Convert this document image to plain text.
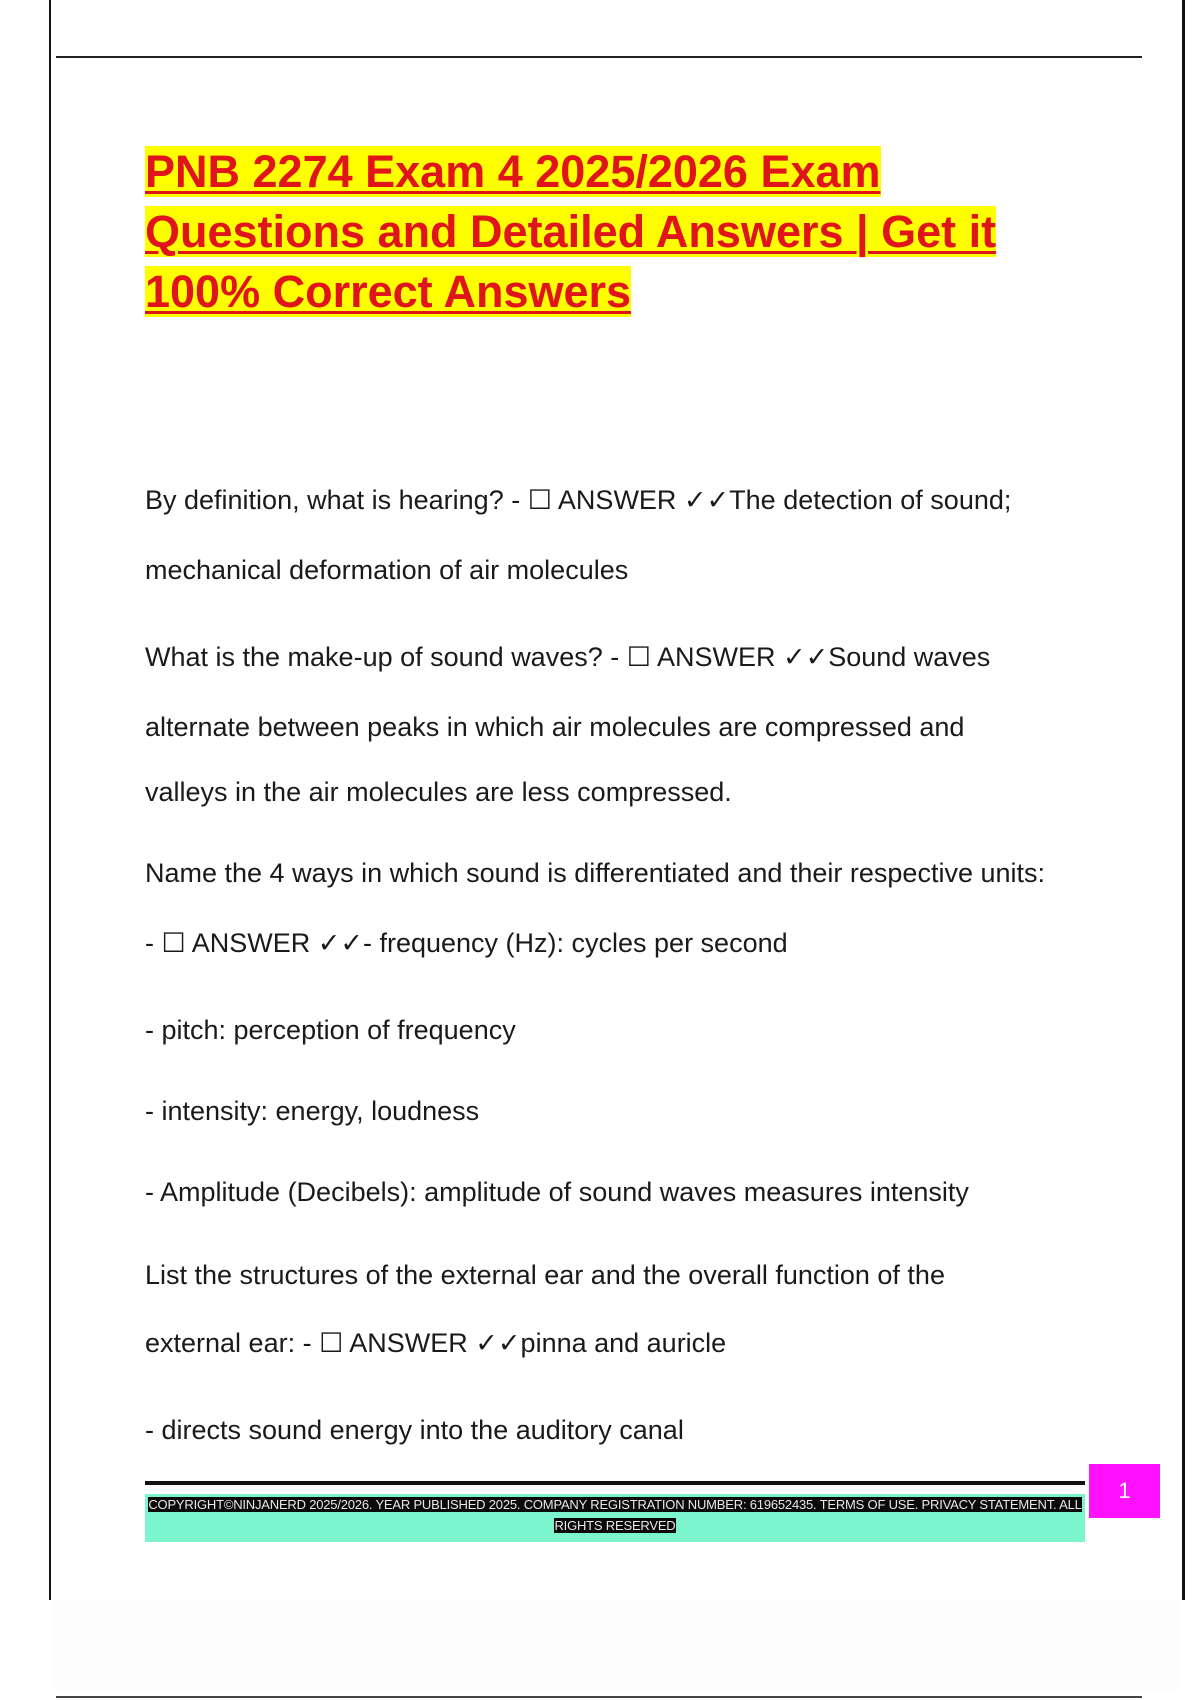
PNB 2274 Exam 4 2025/2026 Exam Questions and Detailed Answers | Get it 100% Correct Answers

By definition, what is hearing? - ☐ ANSWER ✓✓The detection of sound;

mechanical deformation of air molecules

What is the make-up of sound waves? - ☐ ANSWER ✓✓Sound waves

alternate between peaks in which air molecules are compressed and

valleys in the air molecules are less compressed.

Name the 4 ways in which sound is differentiated and their respective units:

- ☐ ANSWER ✓✓- frequency (Hz): cycles per second

- pitch: perception of frequency

- intensity: energy, loudness

- Amplitude (Decibels): amplitude of sound waves measures intensity

List the structures of the external ear and the overall function of the

external ear: - ☐ ANSWER ✓✓pinna and auricle

- directs sound energy into the auditory canal

COPYRIGHT©NINJANERD 2025/2026. YEAR PUBLISHED 2025. COMPANY REGISTRATION NUMBER: 619652435. TERMS OF USE. PRIVACY STATEMENT. ALL RIGHTS RESERVED
1
